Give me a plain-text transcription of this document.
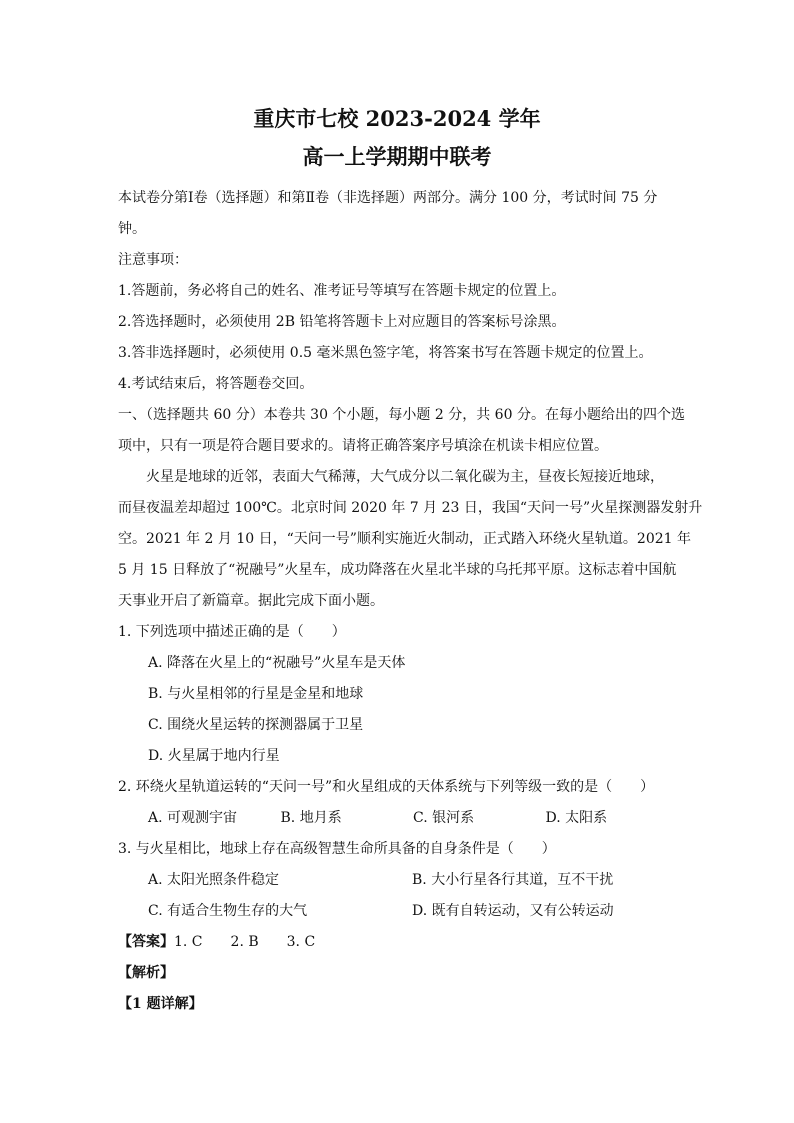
重庆市七校 2023-2024 学年
高一上学期期中联考
本试卷分第Ⅰ卷（选择题）和第Ⅱ卷（非选择题）两部分。满分 100 分，考试时间 75 分
钟。
注意事项：
1.答题前，务必将自己的姓名、准考证号等填写在答题卡规定的位置上。
2.答选择题时，必须使用 2B 铅笔将答题卡上对应题目的答案标号涂黑。
3.答非选择题时，必须使用 0.5 毫米黑色签字笔，将答案书写在答题卡规定的位置上。
4.考试结束后，将答题卷交回。
一、（选择题共 60 分）本卷共 30 个小题，每小题 2 分，共 60 分。在每小题给出的四个选
项中，只有一项是符合题目要求的。请将正确答案序号填涂在机读卡相应位置。
火星是地球的近邻，表面大气稀薄，大气成分以二氧化碳为主，昼夜长短接近地球，
而昼夜温差却超过 100℃。北京时间 2020 年 7 月 23 日，我国“天问一号”火星探测器发射升
空。2021 年 2 月 10 日，“天问一号”顺利实施近火制动，正式踏入环绕火星轨道。2021 年
5 月 15 日释放了“祝融号”火星车，成功降落在火星北半球的乌托邦平原。这标志着中国航
天事业开启了新篇章。据此完成下面小题。
1. 下列选项中描述正确的是（　　）
A. 降落在火星上的“祝融号”火星车是天体
B. 与火星相邻的行星是金星和地球
C. 围绕火星运转的探测器属于卫星
D. 火星属于地内行星
2. 环绕火星轨道运转的“天问一号”和火星组成的天体系统与下列等级一致的是（　　）
A. 可观测宇宙	B. 地月系	C. 银河系	D. 太阳系
3. 与火星相比，地球上存在高级智慧生命所具备的自身条件是（　　）
A. 太阳光照条件稳定	B. 大小行星各行其道，互不干扰
C. 有适合生物生存的大气	D. 既有自转运动，又有公转运动
【答案】1. C 2. B 3. C
【解析】
【1 题详解】
